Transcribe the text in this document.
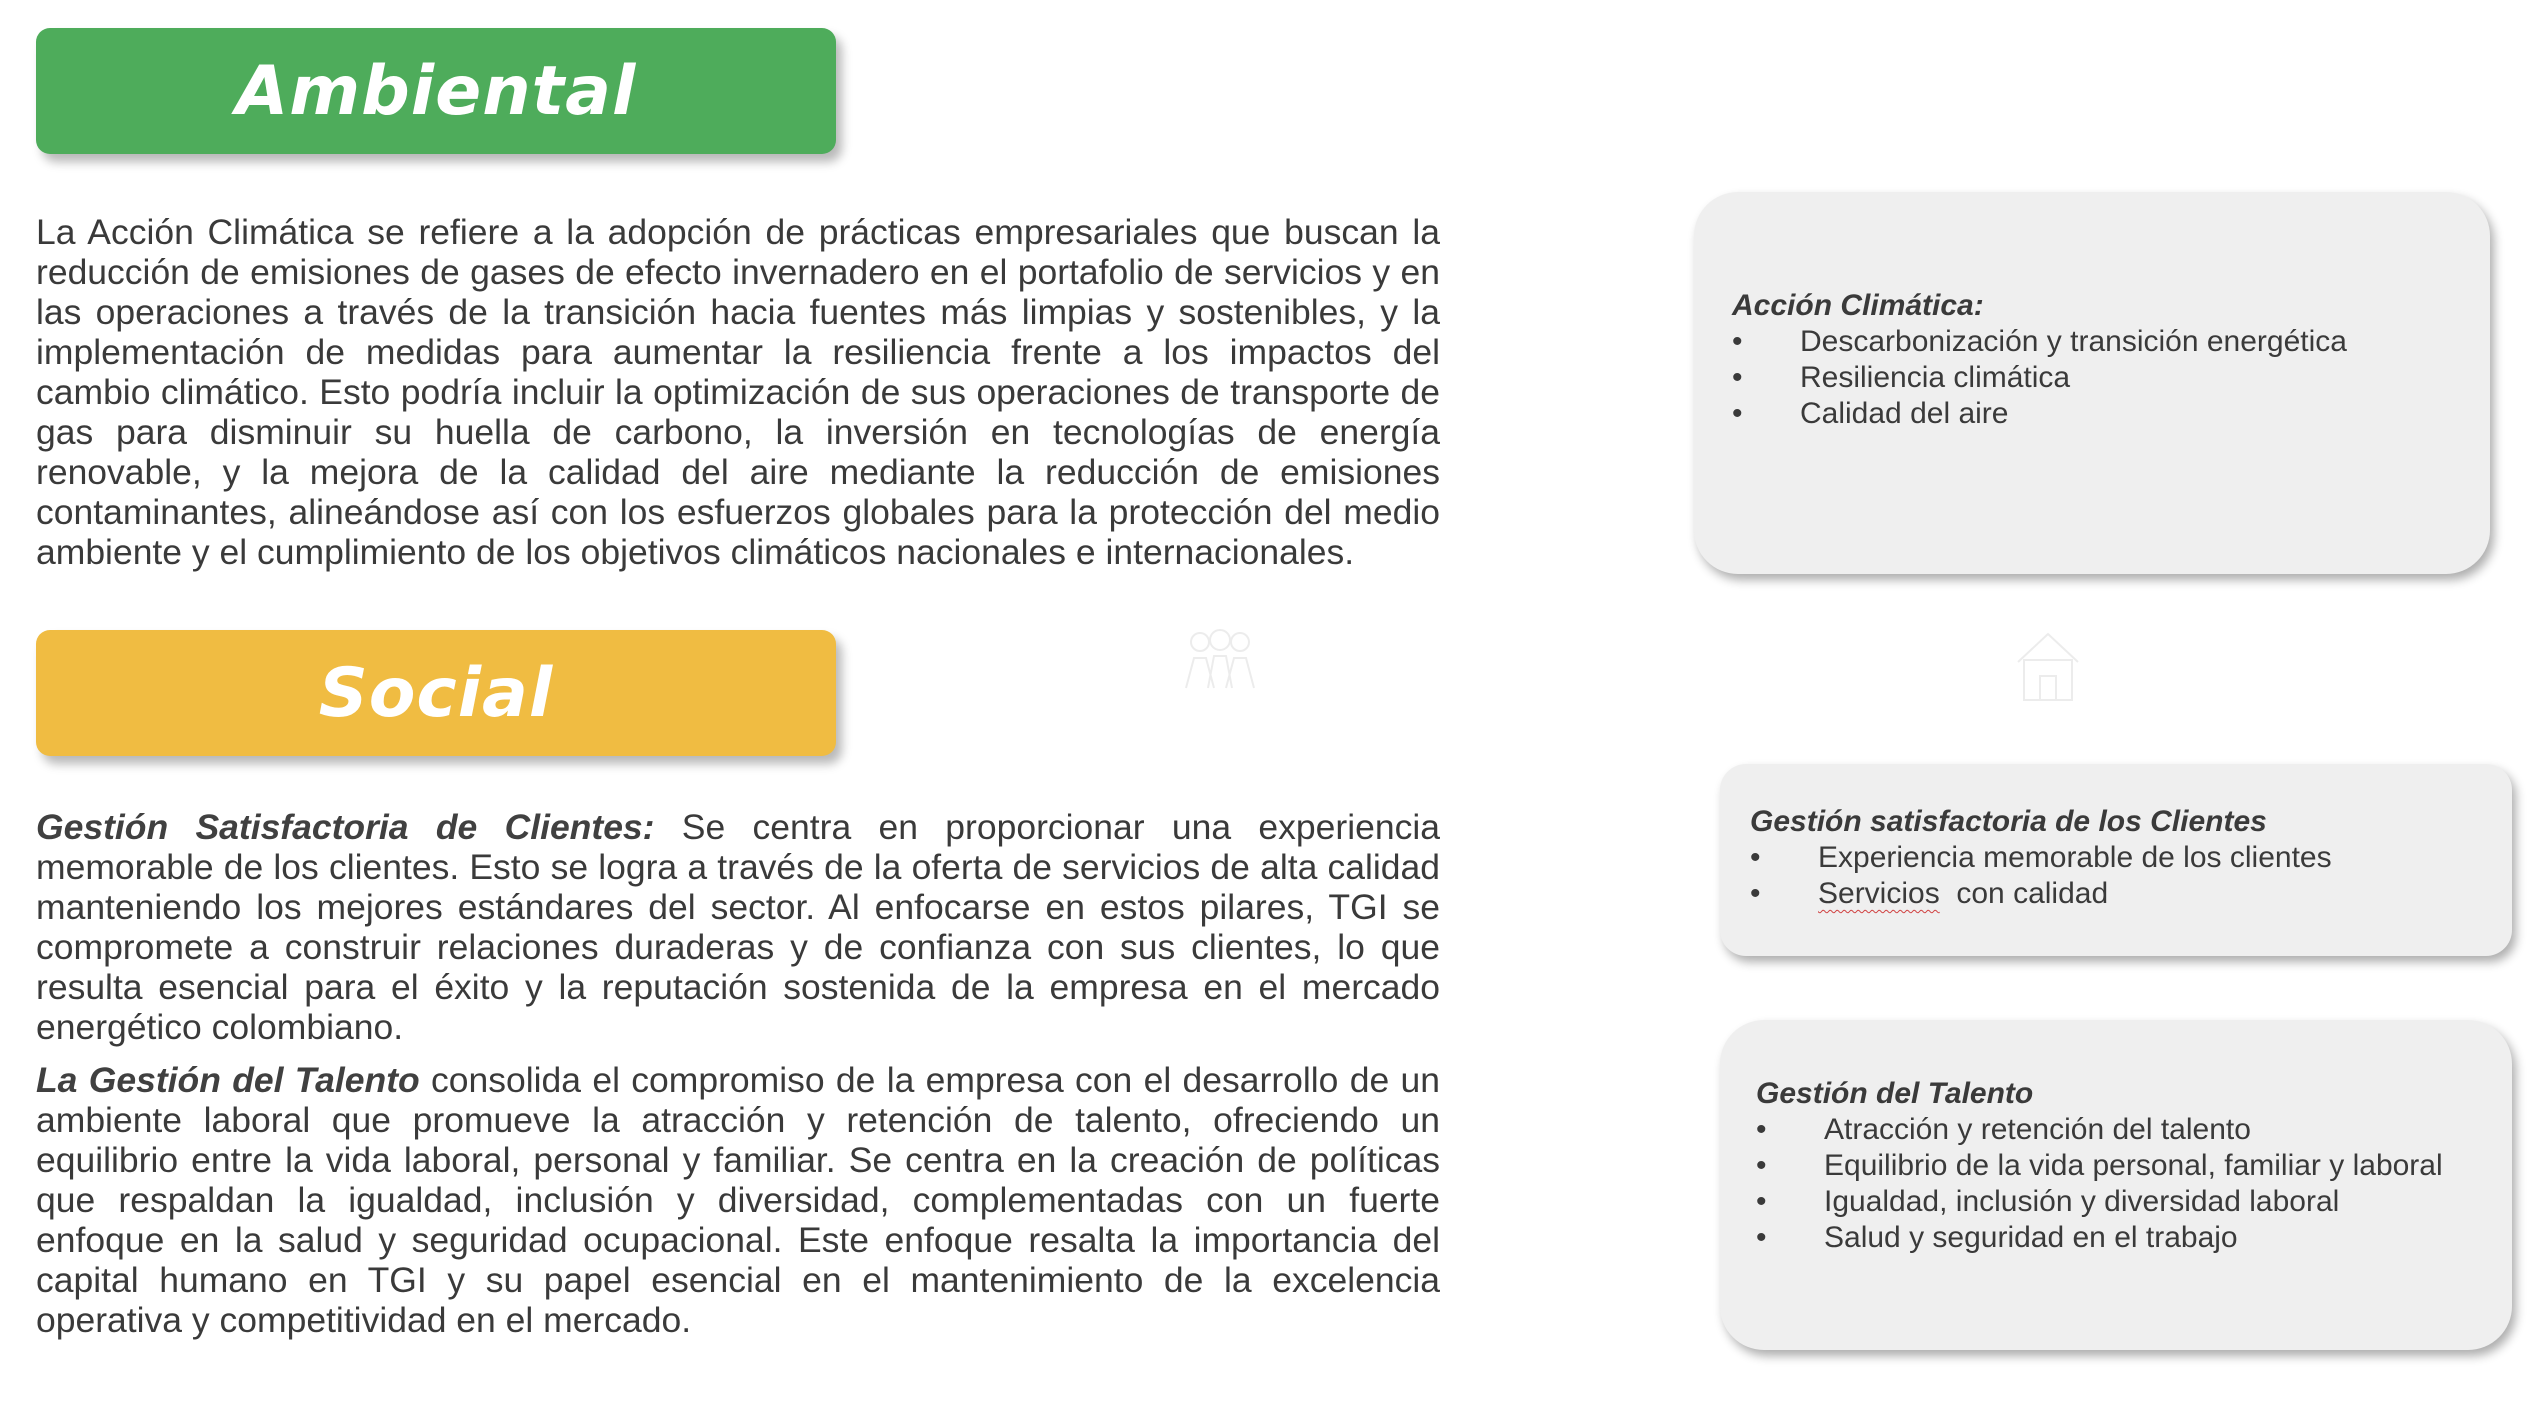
Ambiental

La Acción Climática se refiere a la adopción de prácticas empresariales que buscan la reducción de emisiones de gases de efecto invernadero en el portafolio de servicios y en las operaciones a través de la transición hacia fuentes más limpias y sostenibles, y la implementación de medidas para aumentar la resiliencia frente a los impactos del cambio climático. Esto podría incluir la optimización de sus operaciones de transporte de gas para disminuir su huella de carbono, la inversión en tecnologías de energía renovable, y la mejora de la calidad del aire mediante la reducción de emisiones contaminantes, alineándose así con los esfuerzos globales para la protección del medio ambiente y el cumplimiento de los objetivos climáticos nacionales e internacionales.

Social

Gestión Satisfactoria de Clientes: Se centra en proporcionar una experiencia memorable de los clientes. Esto se logra a través de la oferta de servicios de alta calidad manteniendo los mejores estándares del sector. Al enfocarse en estos pilares, TGI se compromete a construir relaciones duraderas y de confianza con sus clientes, lo que resulta esencial para el éxito y la reputación sostenida de la empresa en el mercado energético colombiano.

La Gestión del Talento consolida el compromiso de la empresa con el desarrollo de un ambiente laboral que promueve la atracción y retención de talento, ofreciendo un equilibrio entre la vida laboral, personal y familiar. Se centra en la creación de políticas que respaldan la igualdad, inclusión y diversidad, complementadas con un fuerte enfoque en la salud y seguridad ocupacional. Este enfoque resalta la importancia del capital humano en TGI y su papel esencial en el mantenimiento de la excelencia operativa y competitividad en el mercado.

Acción Climática:
• Descarbonización y transición energética
• Resiliencia climática
• Calidad del aire
Gestión satisfactoria de los Clientes
• Experiencia memorable de los clientes
• Servicios  con calidad
Gestión del Talento
• Atracción y retención del talento
• Equilibrio de la vida personal, familiar y laboral
• Igualdad, inclusión y diversidad laboral
• Salud y seguridad en el trabajo
